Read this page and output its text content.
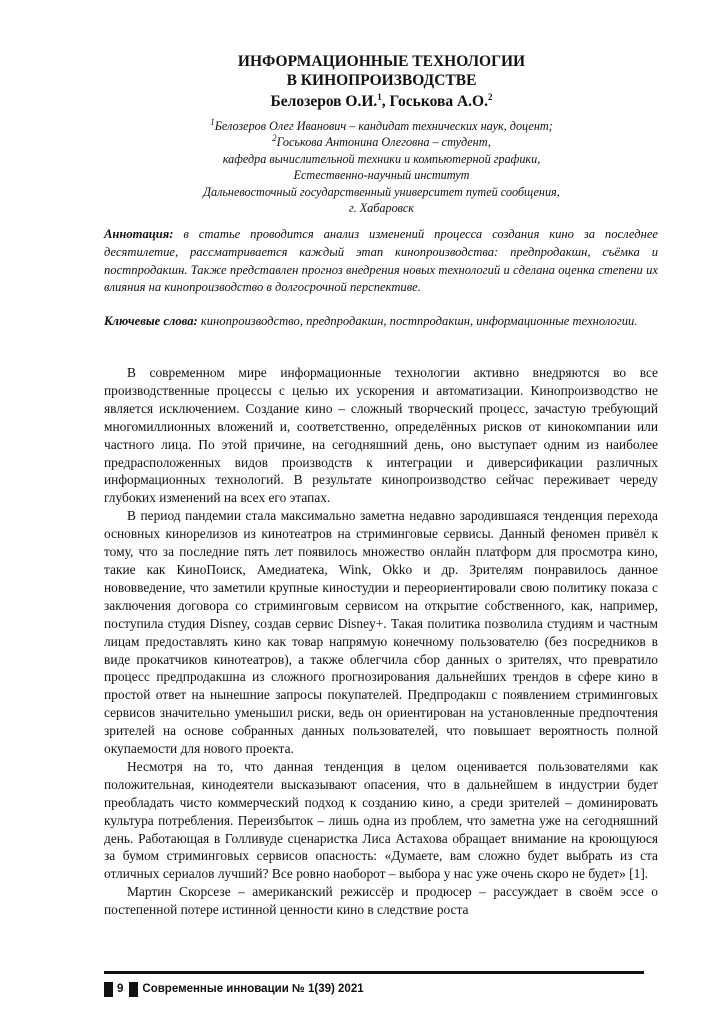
ИНФОРМАЦИОННЫЕ ТЕХНОЛОГИИ
В КИНОПРОИЗВОДСТВЕ
Белозеров О.И.$^1$, Госькова А.О.$^2$
$^1$Белозеров Олег Иванович – кандидат технических наук, доцент;
$^2$Госькова Антонина Олеговна – студент,
кафедра вычислительной техники и компьютерной графики,
Естественно-научный институт
Дальневосточный государственный университет путей сообщения,
г. Хабаровск
Аннотация: в статье проводится анализ изменений процесса создания кино за последнее десятилетие, рассматривается каждый этап кинопроизводства: предпродакшн, съёмка и постпродакшн. Также представлен прогноз внедрения новых технологий и сделана оценка степени их влияния на кинопроизводство в долгосрочной перспективе.
Ключевые слова: кинопроизводство, предпродакшн, постпродакшн, информационные технологии.

В современном мире информационные технологии активно внедряются во все производственные процессы с целью их ускорения и автоматизации. Кинопроизводство не является исключением. Создание кино – сложный творческий процесс, зачастую требующий многомиллионных вложений и, соответственно, определённых рисков от кинокомпании или частного лица. По этой причине, на сегодняшний день, оно выступает одним из наиболее предрасположенных видов производств к интеграции и диверсификации различных информационных технологий. В результате кинопроизводство сейчас переживает череду глубоких изменений на всех его этапах.

В период пандемии стала максимально заметна недавно зародившаяся тенденция перехода основных кинорелизов из кинотеатров на стриминговые сервисы. Данный феномен привёл к тому, что за последние пять лет появилось множество онлайн платформ для просмотра кино, такие как КиноПоиск, Амедиатека, Wink, Okko и др. Зрителям понравилось данное нововведение, что заметили крупные киностудии и переориентировали свою политику показа с заключения договора со стриминговым сервисом на открытие собственного, как, например, поступила студия Disney, создав сервис Disney+. Такая политика позволила студиям и частным лицам предоставлять кино как товар напрямую конечному пользователю (без посредников в виде прокатчиков кинотеатров), а также облегчила сбор данных о зрителях, что превратило процесс предпродакшна из сложного прогнозирования дальнейших трендов в сфере кино в простой ответ на нынешние запросы покупателей. Предпродакш с появлением стриминговых сервисов значительно уменьшил риски, ведь он ориентирован на установленные предпочтения зрителей на основе собранных данных пользователей, что повышает вероятность полной окупаемости для нового проекта.

Несмотря на то, что данная тенденция в целом оценивается пользователями как положительная, кинодеятели высказывают опасения, что в дальнейшем в индустрии будет преобладать чисто коммерческий подход к созданию кино, а среди зрителей – доминировать культура потребления. Переизбыток – лишь одна из проблем, что заметна уже на сегодняшний день. Работающая в Голливуде сценаристка Лиса Астахова обращает внимание на кроющуюся за бумом стриминговых сервисов опасность: «Думаете, вам сложно будет выбрать из ста отличных сериалов лучший? Все ровно наоборот – выбора у нас уже очень скоро не будет» [1].

Мартин Скорсезе – американский режиссёр и продюсер – рассуждает в своём эссе о постепенной потере истинной ценности кино в следствие роста

9 Современные инновации № 1(39) 2021
